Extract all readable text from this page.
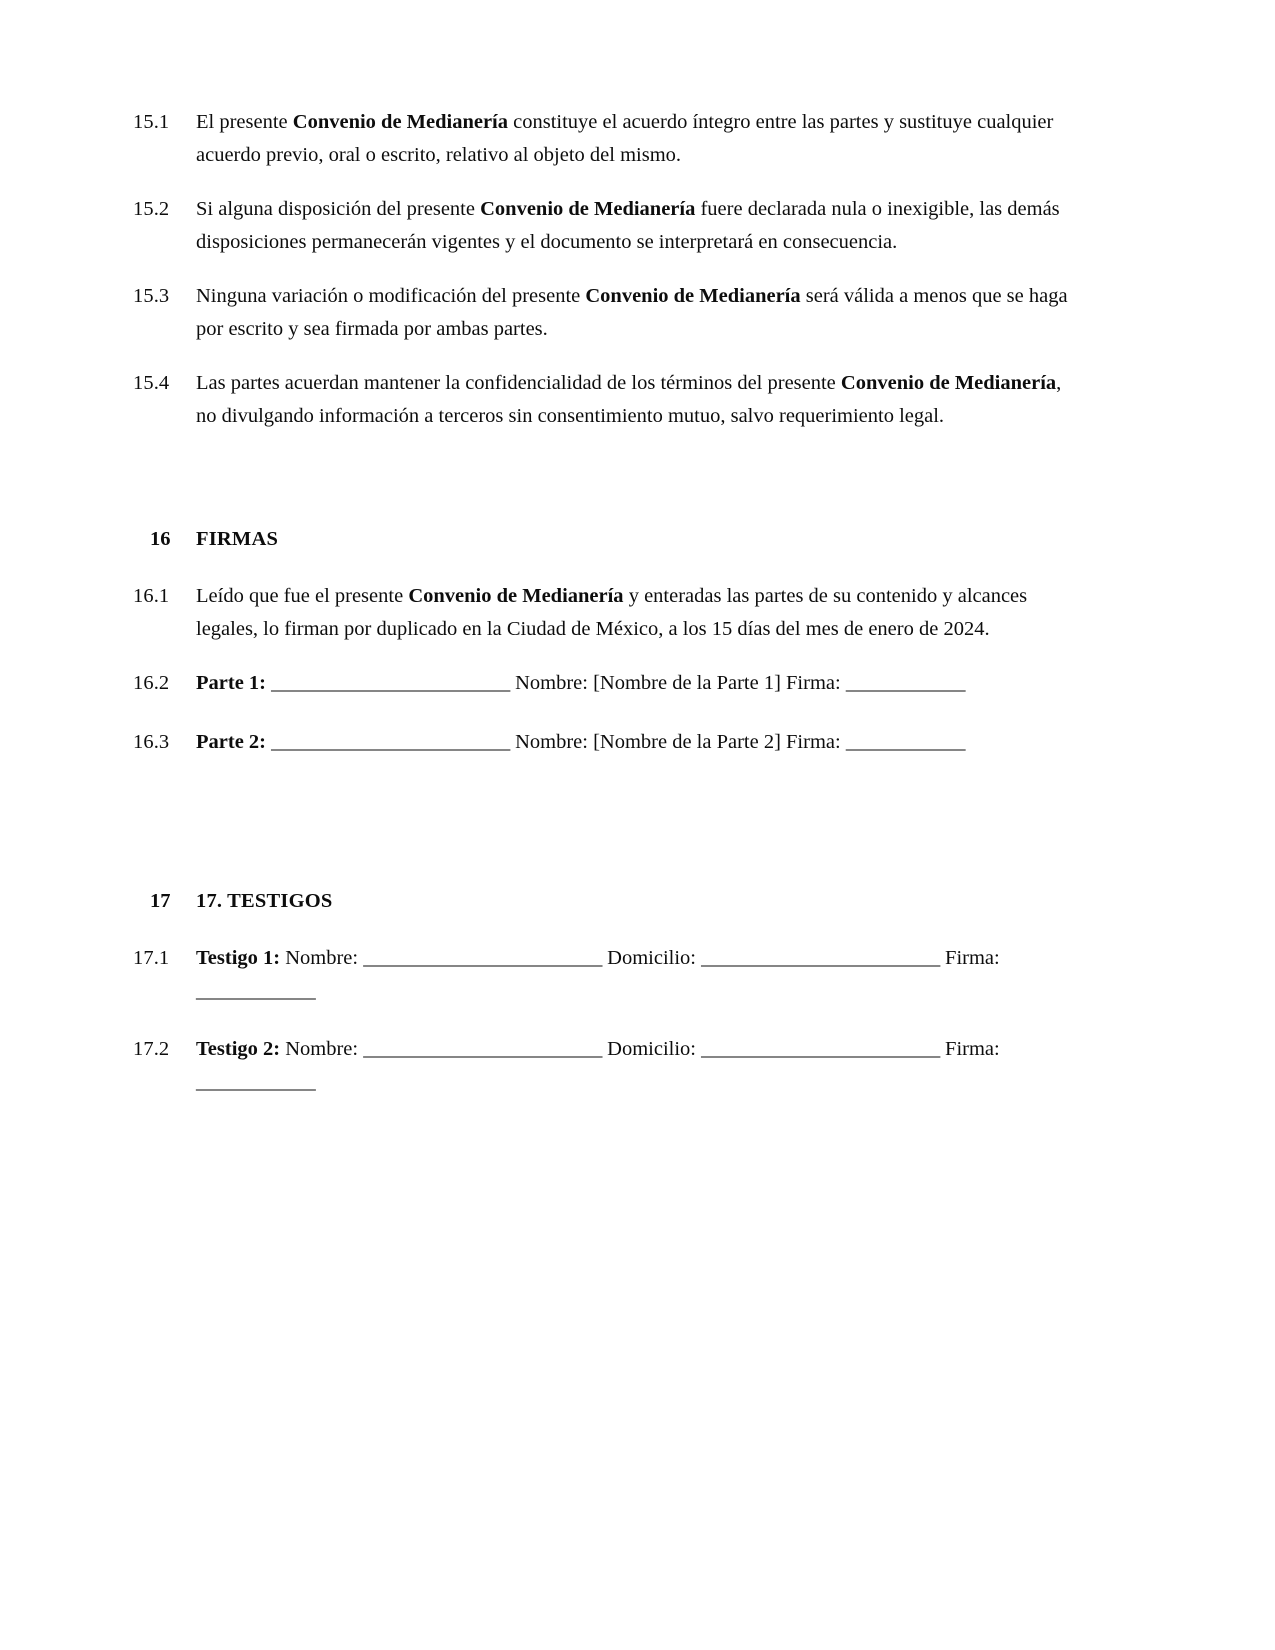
15.1	El presente Convenio de Medianería constituye el acuerdo íntegro entre las partes y sustituye cualquier acuerdo previo, oral o escrito, relativo al objeto del mismo.
15.2	Si alguna disposición del presente Convenio de Medianería fuere declarada nula o inexigible, las demás disposiciones permanecerán vigentes y el documento se interpretará en consecuencia.
15.3	Ninguna variación o modificación del presente Convenio de Medianería será válida a menos que se haga por escrito y sea firmada por ambas partes.
15.4	Las partes acuerdan mantener la confidencialidad de los términos del presente Convenio de Medianería, no divulgando información a terceros sin consentimiento mutuo, salvo requerimiento legal.
16	FIRMAS
16.1	Leído que fue el presente Convenio de Medianería y enteradas las partes de su contenido y alcances legales, lo firman por duplicado en la Ciudad de México, a los 15 días del mes de enero de 2024.
16.2	Parte 1: ________________________ Nombre: [Nombre de la Parte 1] Firma: ____________
16.3	Parte 2: ________________________ Nombre: [Nombre de la Parte 2] Firma: ____________
17	17. TESTIGOS
17.1	Testigo 1: Nombre: ________________________ Domicilio: ________________________ Firma: ____________
17.2	Testigo 2: Nombre: ________________________ Domicilio: ________________________ Firma: ____________
